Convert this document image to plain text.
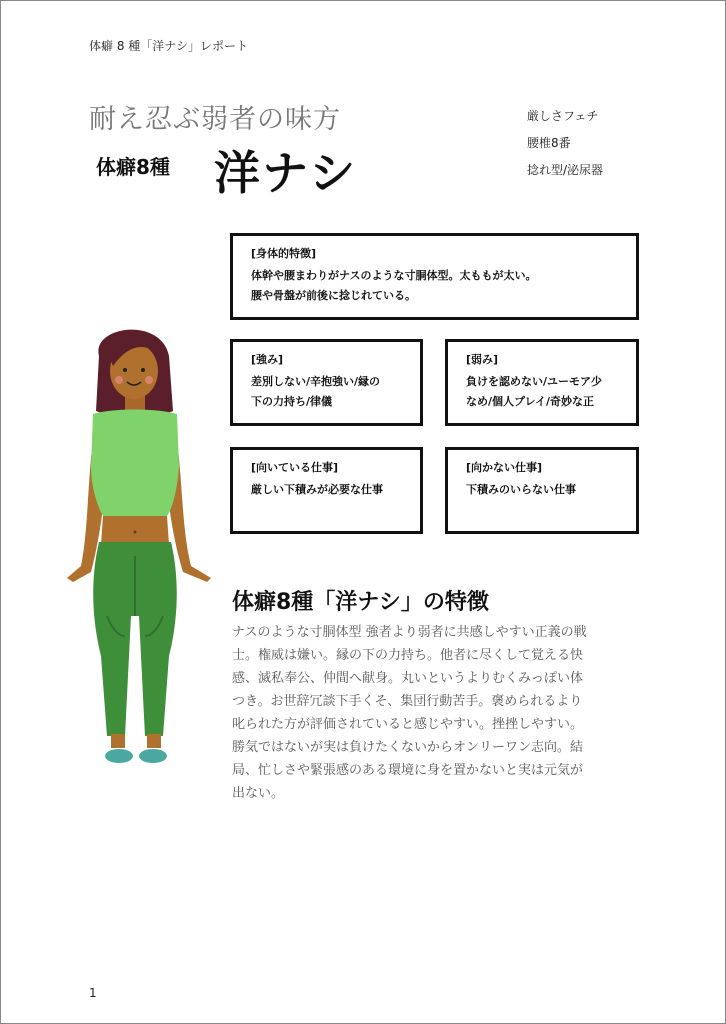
体癖 8 種「洋ナシ」レポート
耐え忍ぶ弱者の味方
体癖8種 洋ナシ
厳しさフェチ
腰椎8番
捻れ型/泌尿器
[身体的特徴]
体幹や腰まわりがナスのような寸胴体型。太ももが太い。
腰や骨盤が前後に捻じれている。
[強み]
差別しない/辛抱強い/縁の
下の力持ち/律儀
[弱み]
負けを認めない/ユーモア少
なめ/個人プレイ/奇妙な正
[向いている仕事]
厳しい下積みが必要な仕事
[向かない仕事]
下積みのいらない仕事
体癖8種「洋ナシ」の特徴
ナスのような寸胴体型 強者より弱者に共感しやすい正義の戦
士。権威は嫌い。縁の下の力持ち。他者に尽くして覚える快
感、滅私奉公、仲間へ献身。丸いというよりむくみっぽい体
つき。お世辞冗談下手くそ、集団行動苦手。褒められるより
叱られた方が評価されていると感じやすい。挫挫しやすい。
勝気ではないが実は負けたくないからオンリーワン志向。結
局、忙しさや緊張感のある環境に身を置かないと実は元気が
出ない。
1
